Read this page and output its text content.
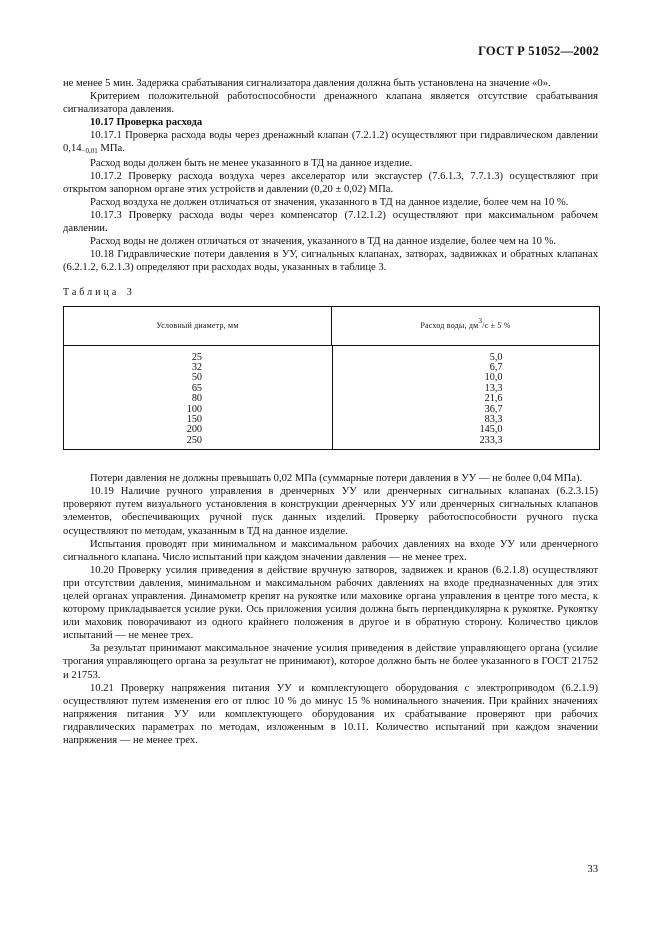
ГОСТ Р 51052—2002

не менее 5 мин. Задержка срабатывания сигнализатора давления должна быть установлена на значение «0».

Критерием положительной работоспособности дренажного клапана является отсутствие срабатывания сигнализатора давления.

10.17 Проверка расхода

10.17.1 Проверка расхода воды через дренажный клапан (7.2.1.2) осуществляют при гидравлическом давлении 0,14−0,01 МПа.

Расход воды должен быть не менее указанного в ТД на данное изделие.

10.17.2 Проверку расхода воздуха через акселератор или эксгаустер (7.6.1.3, 7.7.1.3) осуществляют при открытом запорном органе этих устройств и давлении (0,20 ± 0,02) МПа.

Расход воздуха не должен отличаться от значения, указанного в ТД на данное изделие, более чем на 10 %.

10.17.3 Проверку расхода воды через компенсатор (7.12.1.2) осуществляют при максимальном рабочем давлении.

Расход воды не должен отличаться от значения, указанного в ТД на данное изделие, более чем на 10 %.

10.18 Гидравлические потери давления в УУ, сигнальных клапанах, затворах, задвижках и обратных клапанах (6.2.1.2, 6.2.1.3) определяют при расходах воды, указанных в таблице 3.

Таблица 3
Условный диаметр, мм	Расход воды, дм 3 /с ± 5 %
25
32
50
65
80
100
150
200
250
5,0
6,7
10,0
13,3
21,6
36,7
83,3
145,0
233,3

Потери давления не должны превышать 0,02 МПа (суммарные потери давления в УУ — не более 0,04 МПа).

10.19 Наличие ручного управления в дренчерных УУ или дренчерных сигнальных клапанах (6.2.3.15) проверяют путем визуального установления в конструкции дренчерных УУ или дренчерных сигнальных клапанов элементов, обеспечивающих ручной пуск данных изделий. Проверку работоспособности ручного пуска осуществляют по методам, указанным в ТД на данное изделие.

Испытания проводят при минимальном и максимальном рабочих давлениях на входе УУ или дренчерного сигнального клапана. Число испытаний при каждом значении давления — не менее трех.

10.20 Проверку усилия приведения в действие вручную затворов, задвижек и кранов (6.2.1.8) осуществляют при отсутствии давления, минимальном и максимальном рабочих давлениях на входе предназначенных для этих целей органах управления. Динамометр крепят на рукоятке или маховике органа управления в центре того места, к которому прикладывается усилие руки. Ось приложения усилия должна быть перпендикулярна к рукоятке. Рукоятку или маховик поворачивают из одного крайнего положения в другое и в обратную сторону. Количество циклов испытаний — не менее трех.

За результат принимают максимальное значение усилия приведения в действие управляющего органа (усилие трогания управляющего органа за результат не принимают), которое должно быть не более указанного в ГОСТ 21752 и 21753.

10.21 Проверку напряжения питания УУ и комплектующего оборудования с электроприводом (6.2.1.9) осуществляют путем изменения его от плюс 10 % до минус 15 % номинального значения. При крайних значениях напряжения питания УУ или комплектующего оборудования их срабатывание проверяют при рабочих гидравлических параметрах по методам, изложенным в 10.11. Количество испытаний при каждом значении напряжения — не менее трех.

33
